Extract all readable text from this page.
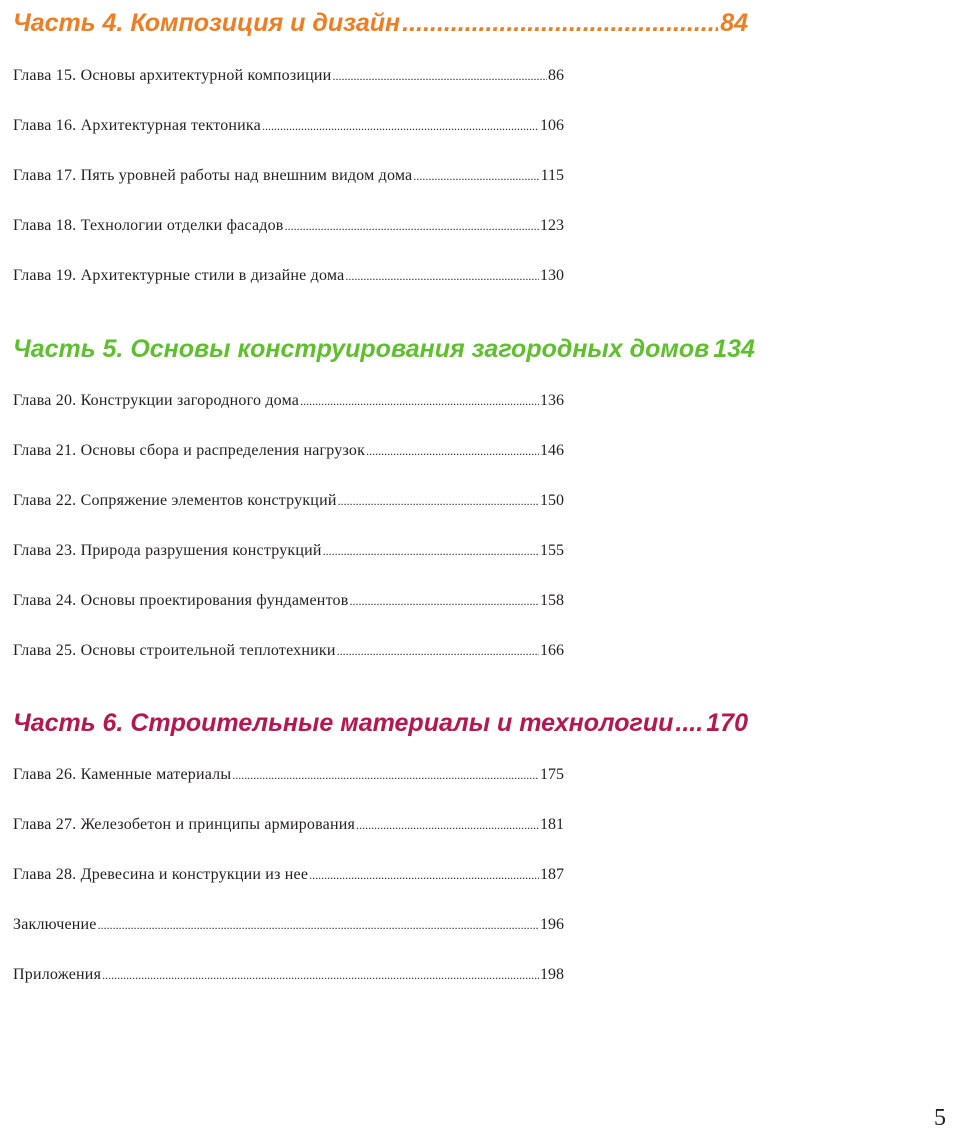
Часть 4. Композиция и дизайн .....	84
Глава 15. Основы архитектурной композиции .....	86
Глава 16. Архитектурная тектоника .....	106
Глава 17. Пять уровней работы над внешним видом дома .....	115
Глава 18. Технологии отделки фасадов .....	123
Глава 19. Архитектурные стили в дизайне дома .....	130
Часть 5. Основы конструирования загородных домов 134
Глава 20. Конструкции загородного дома .....	136
Глава 21. Основы сбора и распределения нагрузок .....	146
Глава 22. Сопряжение элементов конструкций .....	150
Глава 23. Природа разрушения конструкций .....	155
Глава 24. Основы проектирования фундаментов .....	158
Глава 25. Основы строительной теплотехники .....	166
Часть 6. Строительные материалы и технологии ..... 170
Глава 26. Каменные материалы .....	175
Глава 27. Железобетон и принципы армирования .....	181
Глава 28. Древесина и конструкции из нее .....	187
Заключение .....	196
Приложения .....	198
5
